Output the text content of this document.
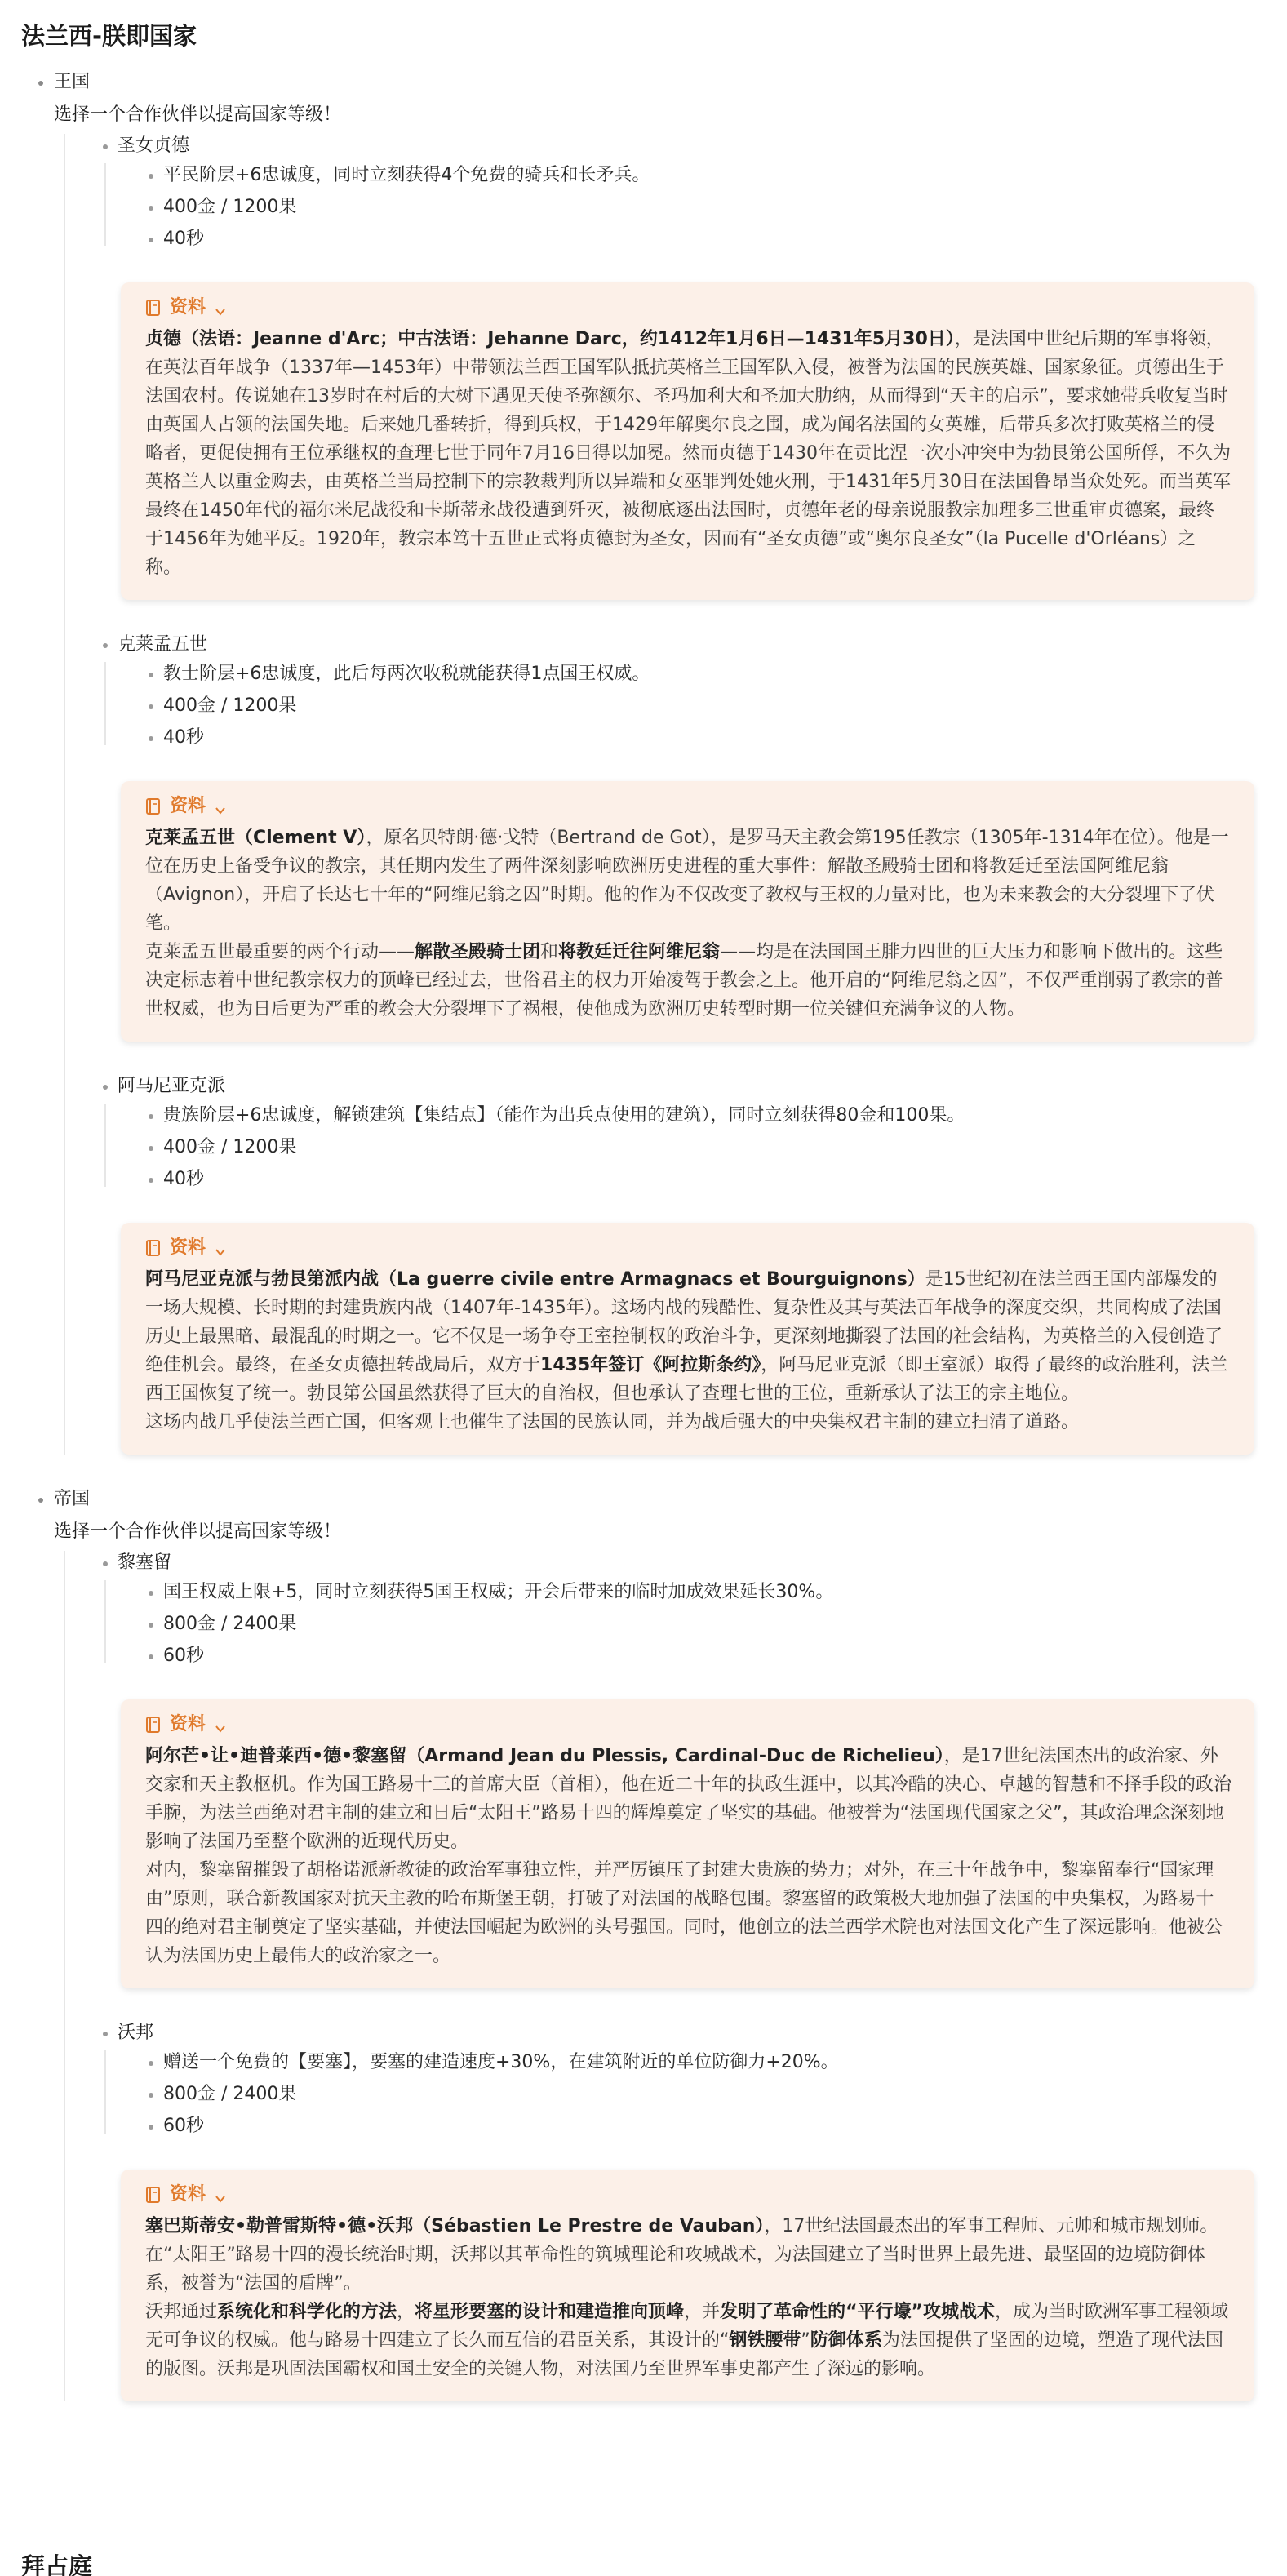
法兰西-朕即国家
王国
选择一个合作伙伴以提高国家等级！
圣女贞德
平民阶层+6忠诚度，同时立刻获得4个免费的骑兵和长矛兵。
400金 / 1200果
40秒
资料

贞德（法语：Jeanne d'Arc；中古法语：Jehanne Darc，约1412年1月6日—1431年5月30日），是法国中世纪后期的军事将领，在英法百年战争（1337年—1453年）中带领法兰西王国军队抵抗英格兰王国军队入侵，被誉为法国的民族英雄、国家象征。贞德出生于法国农村。传说她在13岁时在村后的大树下遇见天使圣弥额尔、圣玛加利大和圣加大肋纳，从而得到“天主的启示”，要求她带兵收复当时由英国人占领的法国失地。后来她几番转折，得到兵权，于1429年解奥尔良之围，成为闻名法国的女英雄，后带兵多次打败英格兰的侵略者，更促使拥有王位承继权的查理七世于同年7月16日得以加冕。然而贞德于1430年在贡比涅一次小冲突中为勃艮第公国所俘，不久为英格兰人以重金购去，由英格兰当局控制下的宗教裁判所以异端和女巫罪判处她火刑，于1431年5月30日在法国鲁昂当众处死。而当英军最终在1450年代的福尔米尼战役和卡斯蒂永战役遭到歼灭，被彻底逐出法国时，贞德年老的母亲说服教宗加理多三世重审贞德案，最终于1456年为她平反。1920年，教宗本笃十五世正式将贞德封为圣女，因而有“圣女贞德”或“奥尔良圣女”（la Pucelle d'Orléans）之称。

克莱孟五世
教士阶层+6忠诚度，此后每两次收税就能获得1点国王权威。
400金 / 1200果
40秒
资料

克莱孟五世（Clement V），原名贝特朗·德·戈特（Bertrand de Got），是罗马天主教会第195任教宗（1305年-1314年在位）。他是一位在历史上备受争议的教宗，其任期内发生了两件深刻影响欧洲历史进程的重大事件：解散圣殿骑士团和将教廷迁至法国阿维尼翁（Avignon），开启了长达七十年的“阿维尼翁之囚”时期。他的作为不仅改变了教权与王权的力量对比，也为未来教会的大分裂埋下了伏笔。

克莱孟五世最重要的两个行动——解散圣殿骑士团和将教廷迁往阿维尼翁——均是在法国国王腓力四世的巨大压力和影响下做出的。这些决定标志着中世纪教宗权力的顶峰已经过去，世俗君主的权力开始凌驾于教会之上。他开启的“阿维尼翁之囚”，不仅严重削弱了教宗的普世权威，也为日后更为严重的教会大分裂埋下了祸根，使他成为欧洲历史转型时期一位关键但充满争议的人物。

阿马尼亚克派
贵族阶层+6忠诚度，解锁建筑【集结点】（能作为出兵点使用的建筑），同时立刻获得80金和100果。
400金 / 1200果
40秒
资料

阿马尼亚克派与勃艮第派内战（La guerre civile entre Armagnacs et Bourguignons）是15世纪初在法兰西王国内部爆发的一场大规模、长时期的封建贵族内战（1407年-1435年）。这场内战的残酷性、复杂性及其与英法百年战争的深度交织，共同构成了法国历史上最黑暗、最混乱的时期之一。它不仅是一场争夺王室控制权的政治斗争，更深刻地撕裂了法国的社会结构，为英格兰的入侵创造了绝佳机会。最终，在圣女贞德扭转战局后，双方于1435年签订《阿拉斯条约》，阿马尼亚克派（即王室派）取得了最终的政治胜利，法兰西王国恢复了统一。勃艮第公国虽然获得了巨大的自治权，但也承认了查理七世的王位，重新承认了法王的宗主地位。

这场内战几乎使法兰西亡国，但客观上也催生了法国的民族认同，并为战后强大的中央集权君主制的建立扫清了道路。

帝国
选择一个合作伙伴以提高国家等级！
黎塞留
国王权威上限+5，同时立刻获得5国王权威；开会后带来的临时加成效果延长30%。
800金 / 2400果
60秒
资料

阿尔芒•让•迪普莱西•德•黎塞留（Armand Jean du Plessis, Cardinal-Duc de Richelieu），是17世纪法国杰出的政治家、外交家和天主教枢机。作为国王路易十三的首席大臣（首相），他在近二十年的执政生涯中，以其冷酷的决心、卓越的智慧和不择手段的政治手腕，为法兰西绝对君主制的建立和日后“太阳王”路易十四的辉煌奠定了坚实的基础。他被誉为“法国现代国家之父”，其政治理念深刻地影响了法国乃至整个欧洲的近现代历史。

对内，黎塞留摧毁了胡格诺派新教徒的政治军事独立性，并严厉镇压了封建大贵族的势力；对外，在三十年战争中，黎塞留奉行“国家理由”原则，联合新教国家对抗天主教的哈布斯堡王朝，打破了对法国的战略包围。黎塞留的政策极大地加强了法国的中央集权，为路易十四的绝对君主制奠定了坚实基础，并使法国崛起为欧洲的头号强国。同时，他创立的法兰西学术院也对法国文化产生了深远影响。他被公认为法国历史上最伟大的政治家之一。

沃邦
赠送一个免费的【要塞】，要塞的建造速度+30%，在建筑附近的单位防御力+20%。
800金 / 2400果
60秒
资料

塞巴斯蒂安•勒普雷斯特•德•沃邦（Sébastien Le Prestre de Vauban），17世纪法国最杰出的军事工程师、元帅和城市规划师。在“太阳王”路易十四的漫长统治时期，沃邦以其革命性的筑城理论和攻城战术，为法国建立了当时世界上最先进、最坚固的边境防御体系，被誉为“法国的盾牌”。

沃邦通过系统化和科学化的方法，将星形要塞的设计和建造推向顶峰，并发明了革命性的“平行壕”攻城战术，成为当时欧洲军事工程领域无可争议的权威。他与路易十四建立了长久而互信的君臣关系，其设计的“钢铁腰带”防御体系为法国提供了坚固的边境，塑造了现代法国的版图。沃邦是巩固法国霸权和国土安全的关键人物，对法国乃至世界军事史都产生了深远的影响。

拜占庭
